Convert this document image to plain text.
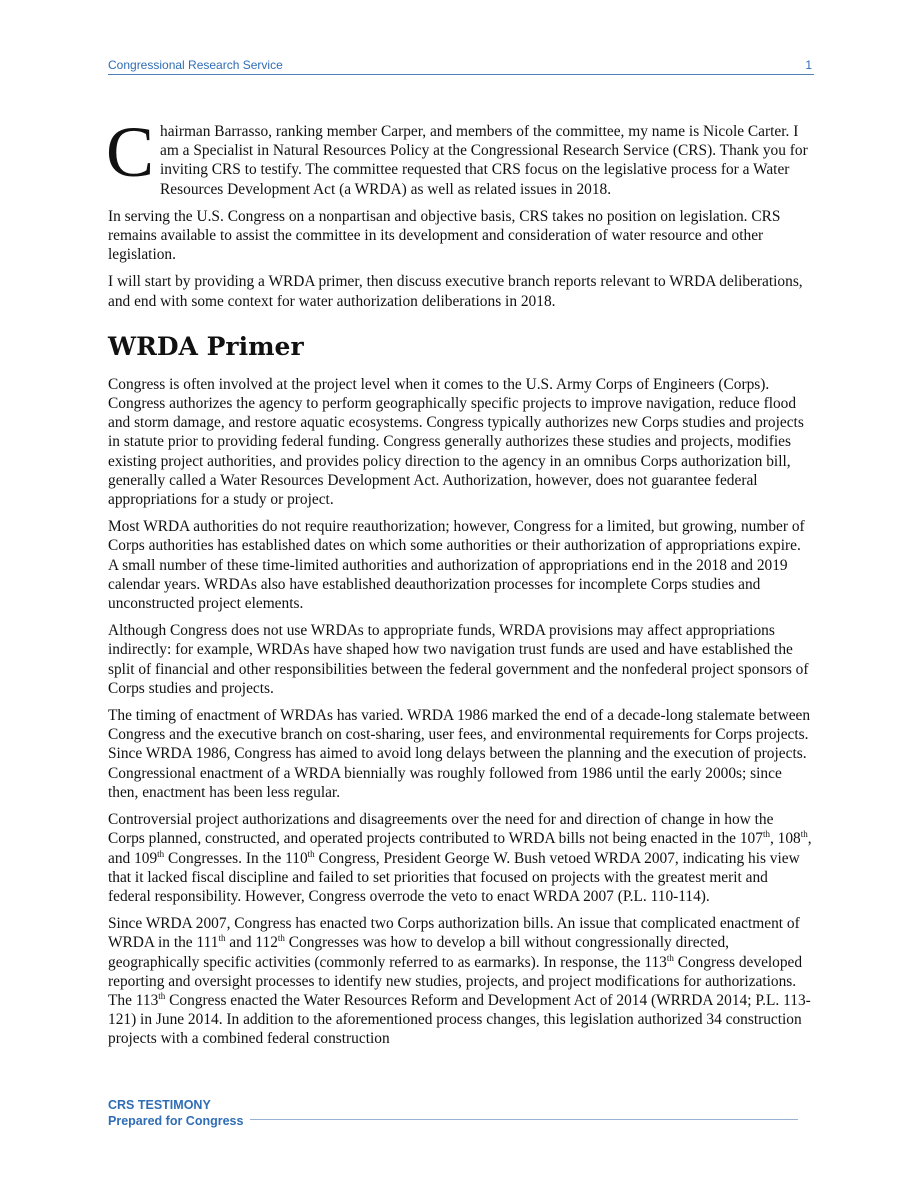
Congressional Research Service	1

Chairman Barrasso, ranking member Carper, and members of the committee, my name is Nicole Carter. I am a Specialist in Natural Resources Policy at the Congressional Research Service (CRS). Thank you for inviting CRS to testify. The committee requested that CRS focus on the legislative process for a Water Resources Development Act (a WRDA) as well as related issues in 2018.

In serving the U.S. Congress on a nonpartisan and objective basis, CRS takes no position on legislation. CRS remains available to assist the committee in its development and consideration of water resource and other legislation.

I will start by providing a WRDA primer, then discuss executive branch reports relevant to WRDA deliberations, and end with some context for water authorization deliberations in 2018.

WRDA Primer

Congress is often involved at the project level when it comes to the U.S. Army Corps of Engineers (Corps). Congress authorizes the agency to perform geographically specific projects to improve navigation, reduce flood and storm damage, and restore aquatic ecosystems. Congress typically authorizes new Corps studies and projects in statute prior to providing federal funding. Congress generally authorizes these studies and projects, modifies existing project authorities, and provides policy direction to the agency in an omnibus Corps authorization bill, generally called a Water Resources Development Act. Authorization, however, does not guarantee federal appropriations for a study or project.

Most WRDA authorities do not require reauthorization; however, Congress for a limited, but growing, number of Corps authorities has established dates on which some authorities or their authorization of appropriations expire. A small number of these time-limited authorities and authorization of appropriations end in the 2018 and 2019 calendar years. WRDAs also have established deauthorization processes for incomplete Corps studies and unconstructed project elements.

Although Congress does not use WRDAs to appropriate funds, WRDA provisions may affect appropriations indirectly: for example, WRDAs have shaped how two navigation trust funds are used and have established the split of financial and other responsibilities between the federal government and the nonfederal project sponsors of Corps studies and projects.

The timing of enactment of WRDAs has varied. WRDA 1986 marked the end of a decade-long stalemate between Congress and the executive branch on cost-sharing, user fees, and environmental requirements for Corps projects. Since WRDA 1986, Congress has aimed to avoid long delays between the planning and the execution of projects. Congressional enactment of a WRDA biennially was roughly followed from 1986 until the early 2000s; since then, enactment has been less regular.

Controversial project authorizations and disagreements over the need for and direction of change in how the Corps planned, constructed, and operated projects contributed to WRDA bills not being enacted in the 107th, 108th, and 109th Congresses. In the 110th Congress, President George W. Bush vetoed WRDA 2007, indicating his view that it lacked fiscal discipline and failed to set priorities that focused on projects with the greatest merit and federal responsibility. However, Congress overrode the veto to enact WRDA 2007 (P.L. 110-114).

Since WRDA 2007, Congress has enacted two Corps authorization bills. An issue that complicated enactment of WRDA in the 111th and 112th Congresses was how to develop a bill without congressionally directed, geographically specific activities (commonly referred to as earmarks). In response, the 113th Congress developed reporting and oversight processes to identify new studies, projects, and project modifications for authorizations. The 113th Congress enacted the Water Resources Reform and Development Act of 2014 (WRRDA 2014; P.L. 113-121) in June 2014. In addition to the aforementioned process changes, this legislation authorized 34 construction projects with a combined federal construction

CRS TESTIMONY
Prepared for Congress
